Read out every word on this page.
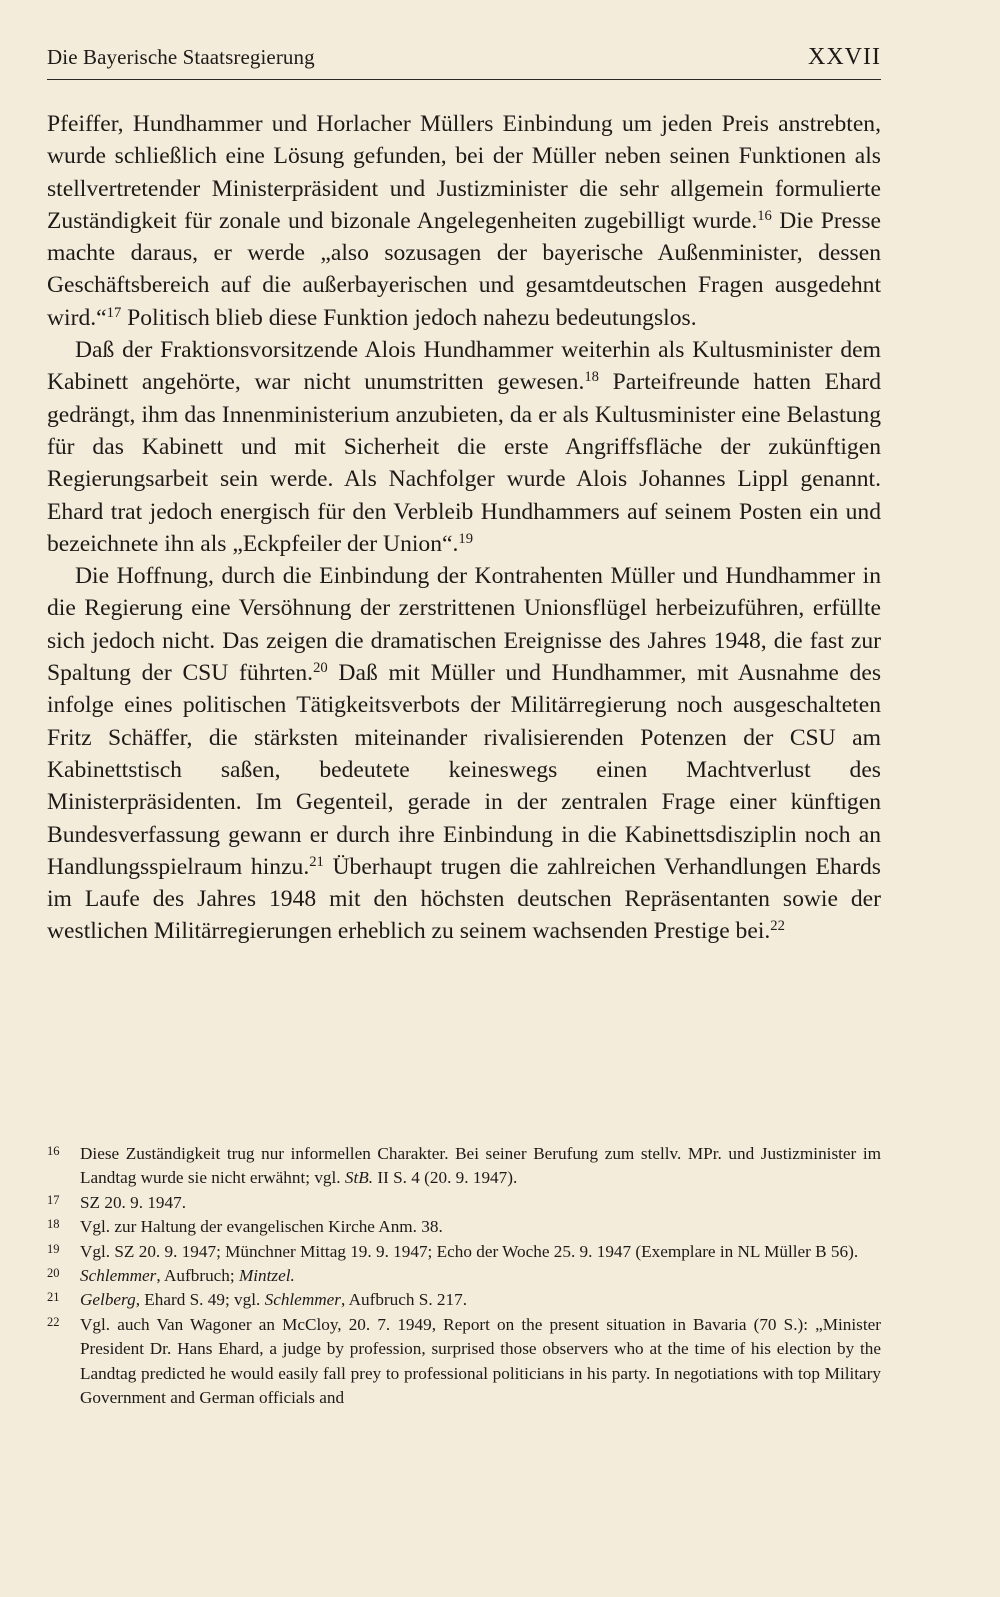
Die Bayerische Staatsregierung	XXVII

Pfeiffer, Hundhammer und Horlacher Müllers Einbindung um jeden Preis anstrebten, wurde schließlich eine Lösung gefunden, bei der Müller neben seinen Funktionen als stellvertretender Ministerpräsident und Justizminister die sehr allgemein formulierte Zuständigkeit für zonale und bizonale Angelegenheiten zugebilligt wurde.$^{16}$ Die Presse machte daraus, er werde „also sozusagen der bayerische Außenminister, dessen Geschäftsbereich auf die außerbayerischen und gesamtdeutschen Fragen ausgedehnt wird.“$^{17}$ Politisch blieb diese Funktion jedoch nahezu bedeutungslos.

Daß der Fraktionsvorsitzende Alois Hundhammer weiterhin als Kultusminister dem Kabinett angehörte, war nicht unumstritten gewesen.$^{18}$ Parteifreunde hatten Ehard gedrängt, ihm das Innenministerium anzubieten, da er als Kultusminister eine Belastung für das Kabinett und mit Sicherheit die erste Angriffsfläche der zukünftigen Regierungsarbeit sein werde. Als Nachfolger wurde Alois Johannes Lippl genannt. Ehard trat jedoch energisch für den Verbleib Hundhammers auf seinem Posten ein und bezeichnete ihn als „Eckpfeiler der Union“.$^{19}$

Die Hoffnung, durch die Einbindung der Kontrahenten Müller und Hundhammer in die Regierung eine Versöhnung der zerstrittenen Unionsflügel herbeizuführen, erfüllte sich jedoch nicht. Das zeigen die dramatischen Ereignisse des Jahres 1948, die fast zur Spaltung der CSU führten.$^{20}$ Daß mit Müller und Hundhammer, mit Ausnahme des infolge eines politischen Tätigkeitsverbots der Militärregierung noch ausgeschalteten Fritz Schäffer, die stärksten miteinander rivalisierenden Potenzen der CSU am Kabinettstisch saßen, bedeutete keineswegs einen Machtverlust des Ministerpräsidenten. Im Gegenteil, gerade in der zentralen Frage einer künftigen Bundesverfassung gewann er durch ihre Einbindung in die Kabinettsdisziplin noch an Handlungsspielraum hinzu.$^{21}$ Überhaupt trugen die zahlreichen Verhandlungen Ehards im Laufe des Jahres 1948 mit den höchsten deutschen Repräsentanten sowie der westlichen Militärregierungen erheblich zu seinem wachsenden Prestige bei.$^{22}$

16	Diese Zuständigkeit trug nur informellen Charakter. Bei seiner Berufung zum stellv. MPr. und Justizminister im Landtag wurde sie nicht erwähnt; vgl. StB. II S. 4 (20. 9. 1947).
17	SZ 20. 9. 1947.
18	Vgl. zur Haltung der evangelischen Kirche Anm. 38.
19	Vgl. SZ 20. 9. 1947; Münchner Mittag 19. 9. 1947; Echo der Woche 25. 9. 1947 (Exemplare in NL Müller B 56).
20	Schlemmer, Aufbruch; Mintzel.
21	Gelberg, Ehard S. 49; vgl. Schlemmer, Aufbruch S. 217.
22	Vgl. auch Van Wagoner an McCloy, 20. 7. 1949, Report on the present situation in Bavaria (70 S.): „Minister President Dr. Hans Ehard, a judge by profession, surprised those observers who at the time of his election by the Landtag predicted he would easily fall prey to professional politicians in his party. In negotiations with top Military Government and German officials and
